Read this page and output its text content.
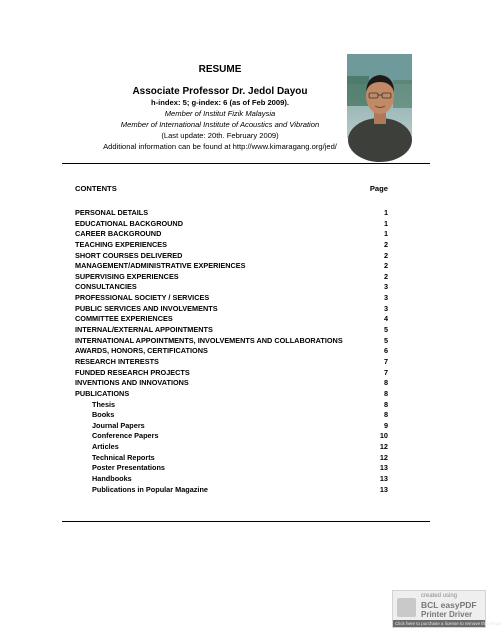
RESUME
Associate Professor Dr. Jedol Dayou
h-index: 5; g-index: 6 (as of Feb 2009).
Member of Institut Fizik Malaysia
Member of International Institute of Acoustics and Vibration
(Last update: 20th. February 2009)
Additional information can be found at http://www.kimaragang.org/jed/
CONTENTS	Page
PERSONAL DETAILS	1
EDUCATIONAL BACKGROUND	1
CAREER BACKGROUND	1
TEACHING EXPERIENCES	2
SHORT COURSES DELIVERED	2
MANAGEMENT/ADMINISTRATIVE EXPERIENCES	2
SUPERVISING EXPERIENCES	2
CONSULTANCIES	3
PROFESSIONAL SOCIETY / SERVICES	3
PUBLIC SERVICES AND INVOLVEMENTS	3
COMMITTEE EXPERIENCES	4
INTERNAL/EXTERNAL APPOINTMENTS	5
INTERNATIONAL APPOINTMENTS, INVOLVEMENTS AND COLLABORATIONS	5
AWARDS, HONORS, CERTIFICATIONS	6
RESEARCH INTERESTS	7
FUNDED RESEARCH PROJECTS	7
INVENTIONS AND INNOVATIONS	8
PUBLICATIONS	8
Thesis	8
Books	8
Journal Papers	9
Conference Papers	10
Articles	12
Technical Reports	12
Poster Presentations	13
Handbooks	13
Publications in Popular Magazine	13
created using
BCL easyPDF
Printer Driver
Click here to purchase a license to remove this image
